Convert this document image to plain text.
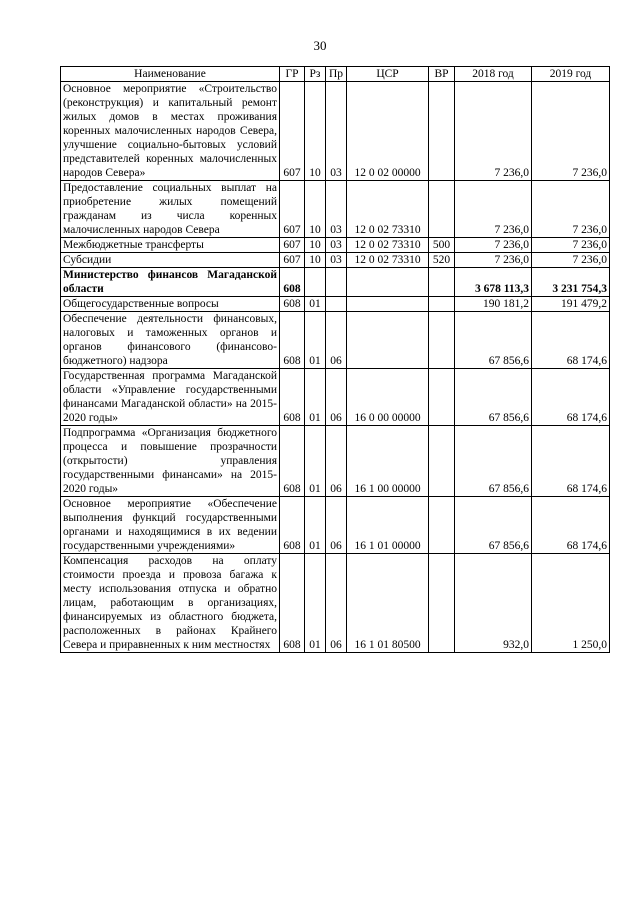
30
Наименование	ГР	Рз	Пр	ЦСР	ВР	2018 год	2019 год
Основное мероприятие «Строительство (реконструкция) и капитальный ремонт жилых домов в местах проживания коренных малочисленных народов Севера, улучшение социально-бытовых условий представителей коренных малочисленных народов Севера»	607	10	03	12 0 02 00000		7 236,0	7 236,0
Предоставление социальных выплат на приобретение жилых помещений гражданам из числа коренных малочисленных народов Севера	607	10	03	12 0 02 73310		7 236,0	7 236,0
Межбюджетные трансферты	607	10	03	12 0 02 73310	500	7 236,0	7 236,0
Субсидии	607	10	03	12 0 02 73310	520	7 236,0	7 236,0
Министерство финансов Магаданской области	608					3 678 113,3	3 231 754,3
Общегосударственные вопросы	608	01				190 181,2	191 479,2
Обеспечение деятельности финансовых, налоговых и таможенных органов и органов финансового (финансово-бюджетного) надзора	608	01	06			67 856,6	68 174,6
Государственная программа Магаданской области «Управление государственными финансами Магаданской области» на 2015-2020 годы»	608	01	06	16 0 00 00000		67 856,6	68 174,6
Подпрограмма «Организация бюджетного процесса и повышение прозрачности (открытости) управления государственными финансами» на 2015-2020 годы»	608	01	06	16 1 00 00000		67 856,6	68 174,6
Основное мероприятие «Обеспечение выполнения функций государственными органами и находящимися в их ведении государственными учреждениями»	608	01	06	16 1 01 00000		67 856,6	68 174,6
Компенсация расходов на оплату стоимости проезда и провоза багажа к месту использования отпуска и обратно лицам, работающим в организациях, финансируемых из областного бюджета, расположенных в районах Крайнего Севера и приравненных к ним местностях	608	01	06	16 1 01 80500		932,0	1 250,0
